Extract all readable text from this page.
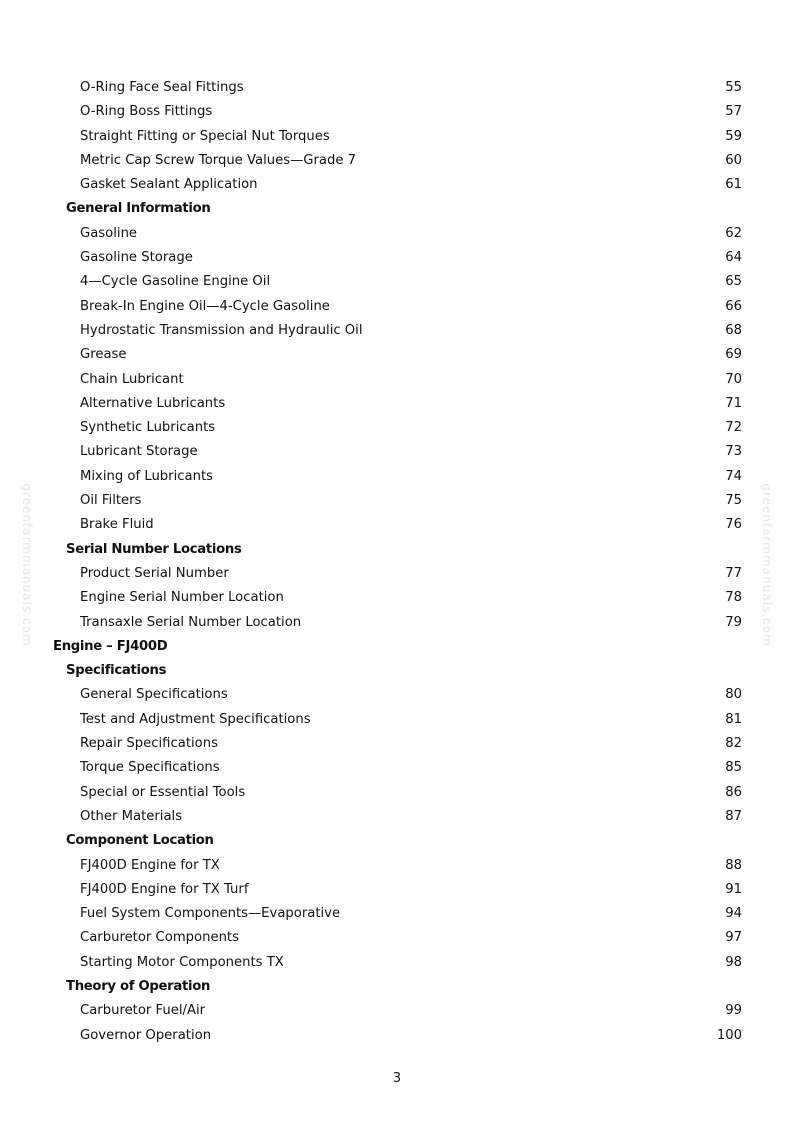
greenfarmmanuals.com	greenfarmmanuals.com
O-Ring Face Seal Fittings	55
O-Ring Boss Fittings	57
Straight Fitting or Special Nut Torques	59
Metric Cap Screw Torque Values—Grade 7	60
Gasket Sealant Application	61
General Information
Gasoline	62
Gasoline Storage	64
4—Cycle Gasoline Engine Oil	65
Break-In Engine Oil—4-Cycle Gasoline	66
Hydrostatic Transmission and Hydraulic Oil	68
Grease	69
Chain Lubricant	70
Alternative Lubricants	71
Synthetic Lubricants	72
Lubricant Storage	73
Mixing of Lubricants	74
Oil Filters	75
Brake Fluid	76
Serial Number Locations
Product Serial Number	77
Engine Serial Number Location	78
Transaxle Serial Number Location	79
Engine – FJ400D
Specifications
General Specifications	80
Test and Adjustment Specifications	81
Repair Specifications	82
Torque Specifications	85
Special or Essential Tools	86
Other Materials	87
Component Location
FJ400D Engine for TX	88
FJ400D Engine for TX Turf	91
Fuel System Components—Evaporative	94
Carburetor Components	97
Starting Motor Components TX	98
Theory of Operation
Carburetor Fuel/Air	99
Governor Operation	100
3
